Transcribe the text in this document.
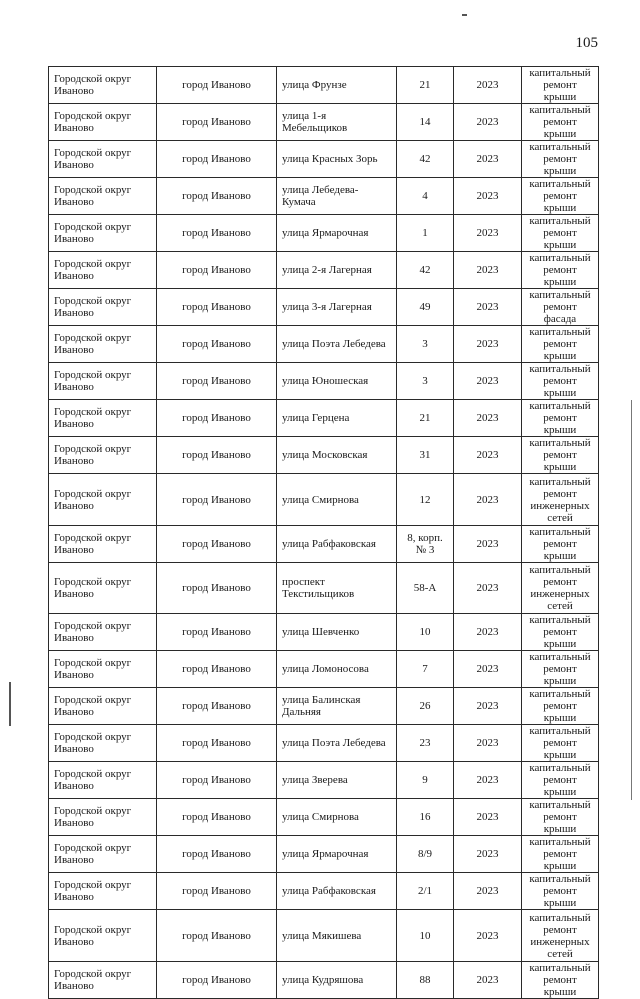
105
Городской округ Иваново	город Иваново	улица Фрунзе	21	2023	капитальный ремонт крыши
Городской округ Иваново	город Иваново	улица 1-я Мебельщиков	14	2023	капитальный ремонт крыши
Городской округ Иваново	город Иваново	улица Красных Зорь	42	2023	капитальный ремонт крыши
Городской округ Иваново	город Иваново	улица Лебедева-Кумача	4	2023	капитальный ремонт крыши
Городской округ Иваново	город Иваново	улица Ярмарочная	1	2023	капитальный ремонт крыши
Городской округ Иваново	город Иваново	улица 2-я Лагерная	42	2023	капитальный ремонт крыши
Городской округ Иваново	город Иваново	улица 3-я Лагерная	49	2023	капитальный ремонт фасада
Городской округ Иваново	город Иваново	улица Поэта Лебедева	3	2023	капитальный ремонт крыши
Городской округ Иваново	город Иваново	улица Юношеская	3	2023	капитальный ремонт крыши
Городской округ Иваново	город Иваново	улица Герцена	21	2023	капитальный ремонт крыши
Городской округ Иваново	город Иваново	улица Московская	31	2023	капитальный ремонт крыши
Городской округ Иваново	город Иваново	улица Смирнова	12	2023	капитальный ремонт инженерных сетей
Городской округ Иваново	город Иваново	улица Рабфаковская	8, корп. № 3	2023	капитальный ремонт крыши
Городской округ Иваново	город Иваново	проспект Текстильщиков	58-А	2023	капитальный ремонт инженерных сетей
Городской округ Иваново	город Иваново	улица Шевченко	10	2023	капитальный ремонт крыши
Городской округ Иваново	город Иваново	улица Ломоносова	7	2023	капитальный ремонт крыши
Городской округ Иваново	город Иваново	улица Балинская Дальняя	26	2023	капитальный ремонт крыши
Городской округ Иваново	город Иваново	улица Поэта Лебедева	23	2023	капитальный ремонт крыши
Городской округ Иваново	город Иваново	улица Зверева	9	2023	капитальный ремонт крыши
Городской округ Иваново	город Иваново	улица Смирнова	16	2023	капитальный ремонт крыши
Городской округ Иваново	город Иваново	улица Ярмарочная	8/9	2023	капитальный ремонт крыши
Городской округ Иваново	город Иваново	улица Рабфаковская	2/1	2023	капитальный ремонт крыши
Городской округ Иваново	город Иваново	улица Мякишева	10	2023	капитальный ремонт инженерных сетей
Городской округ Иваново	город Иваново	улица Кудряшова	88	2023	капитальный ремонт крыши
